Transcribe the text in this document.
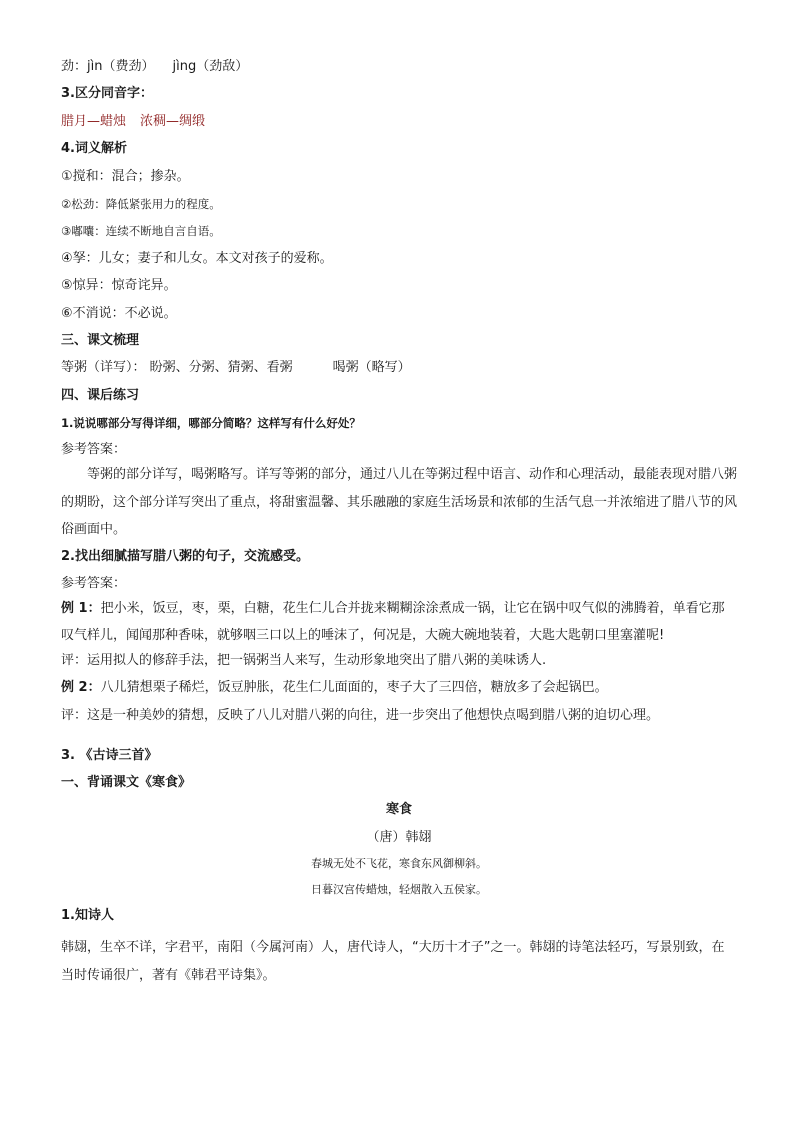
劲：jìn（费劲） jìng（劲敌）
3.区分同音字：
腊月—蜡烛 浓稠—绸缎
4.词义解析
①搅和：混合；掺杂。
②松劲：降低紧张用力的程度。
③嘟囔：连续不断地自言自语。
④孥：儿女；妻子和儿女。本文对孩子的爱称。
⑤惊异：惊奇诧异。
⑥不消说：不必说。
三、课文梳理
等粥（详写）： 盼粥、分粥、猜粥、看粥	喝粥（略写）
四、课后练习
1.说说哪部分写得详细，哪部分简略？这样写有什么好处？
参考答案：
等粥的部分详写，喝粥略写。详写等粥的部分，通过八儿在等粥过程中语言、动作和心理活动，最能表现对腊八粥的期盼，这个部分详写突出了重点，将甜蜜温馨、其乐融融的家庭生活场景和浓郁的生活气息一并浓缩进了腊八节的风俗画面中。
2.找出细腻描写腊八粥的句子，交流感受。
参考答案：
例 1：把小米，饭豆，枣，栗，白糖，花生仁儿合并拢来糊糊涂涂煮成一锅，让它在锅中叹气似的沸腾着，单看它那叹气样儿，闻闻那种香味，就够咽三口以上的唾沫了，何况是，大碗大碗地装着，大匙大匙朝口里塞灌呢!
评：运用拟人的修辞手法，把一锅粥当人来写，生动形象地突出了腊八粥的美味诱人.
例 2：八儿猜想栗子稀烂，饭豆肿胀，花生仁儿面面的，枣子大了三四倍，糖放多了会起锅巴。
评：这是一种美妙的猜想，反映了八儿对腊八粥的向往，进一步突出了他想快点喝到腊八粥的迫切心理。
3. 《古诗三首》
一、背诵课文《寒食》
寒食
（唐）韩翃
春城无处不飞花，寒食东风御柳斜。
日暮汉宫传蜡烛，轻烟散入五侯家。
1.知诗人
韩翃，生卒不详，字君平，南阳（今属河南）人，唐代诗人，“大历十才子”之一。韩翃的诗笔法轻巧，写景别致，在当时传诵很广，著有《韩君平诗集》。
